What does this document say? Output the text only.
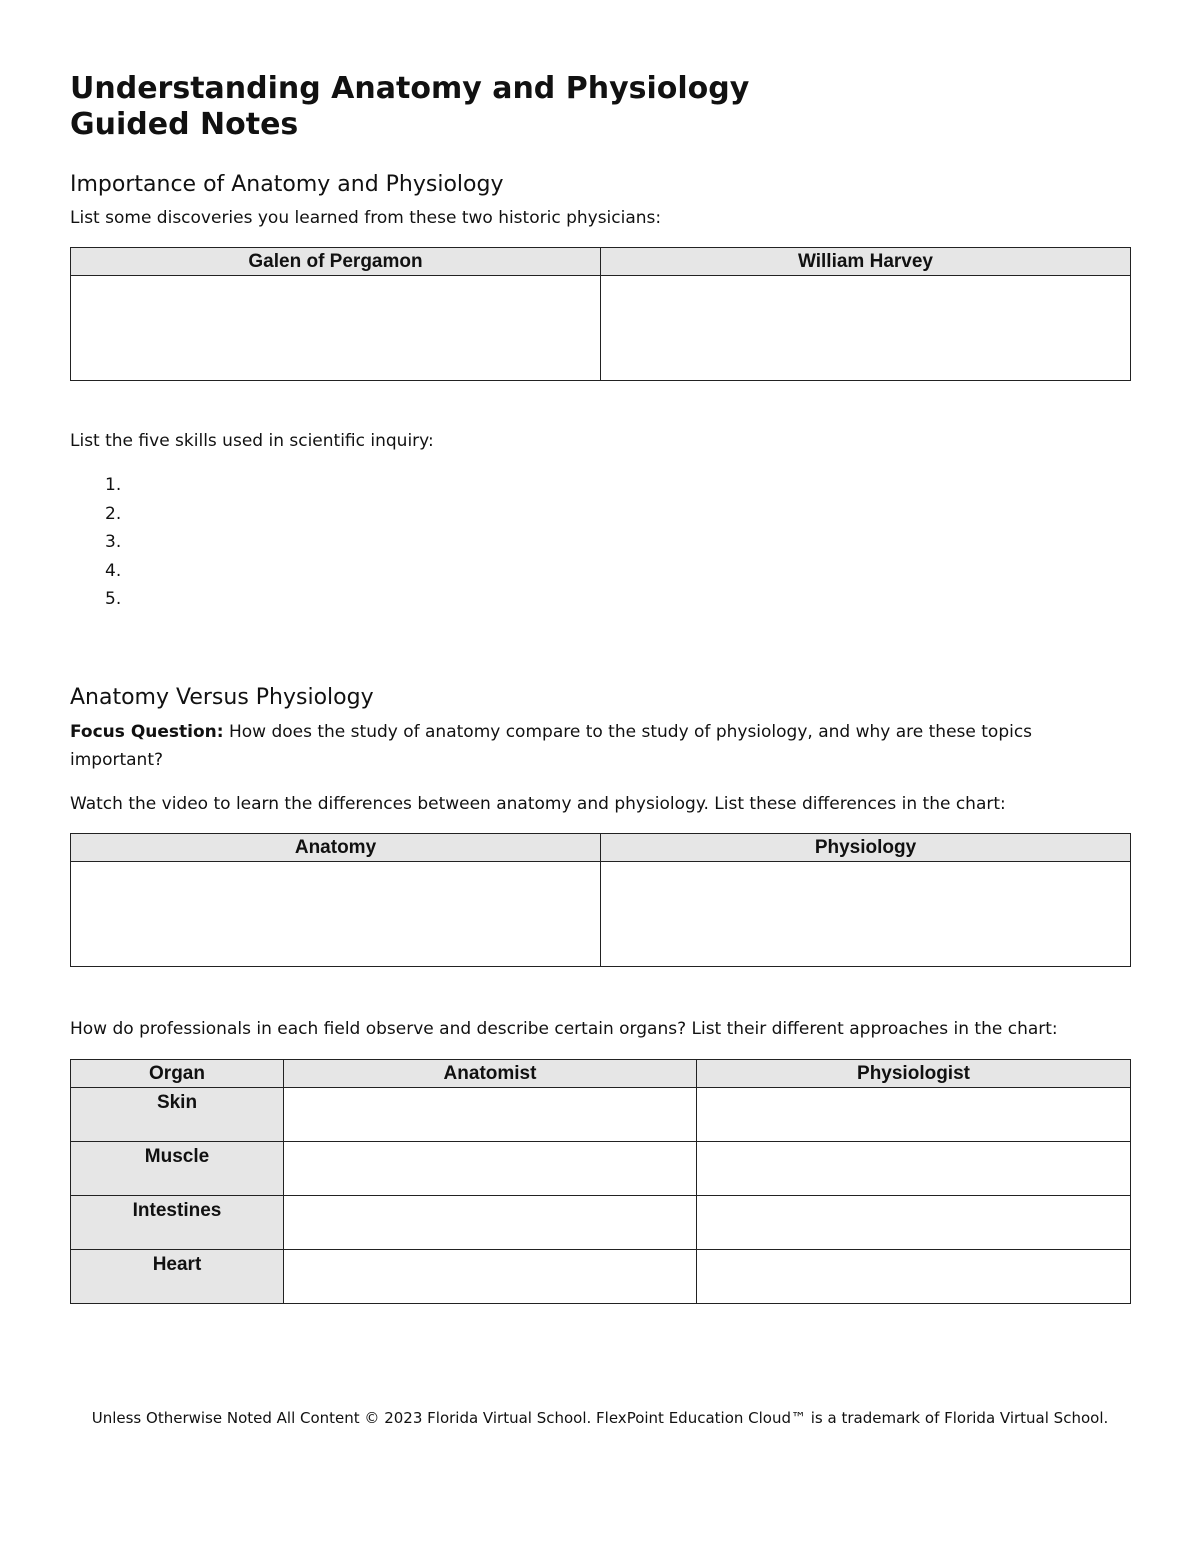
Understanding Anatomy and Physiology
Guided Notes
Importance of Anatomy and Physiology

List some discoveries you learned from these two historic physicians:

Galen of Pergamon	William Harvey

List the five skills used in scientific inquiry:

1.
2.
3.
4.
5.
Anatomy Versus Physiology

Focus Question: How does the study of anatomy compare to the study of physiology, and why are these topics important?

Watch the video to learn the differences between anatomy and physiology. List these differences in the chart:

Anatomy	Physiology

How do professionals in each field observe and describe certain organs? List their different approaches in the chart:

Organ	Anatomist	Physiologist
Skin		
Muscle		
Intestines		
Heart		
Unless Otherwise Noted All Content © 2023 Florida Virtual School. FlexPoint Education Cloud™ is a trademark of Florida Virtual School.
